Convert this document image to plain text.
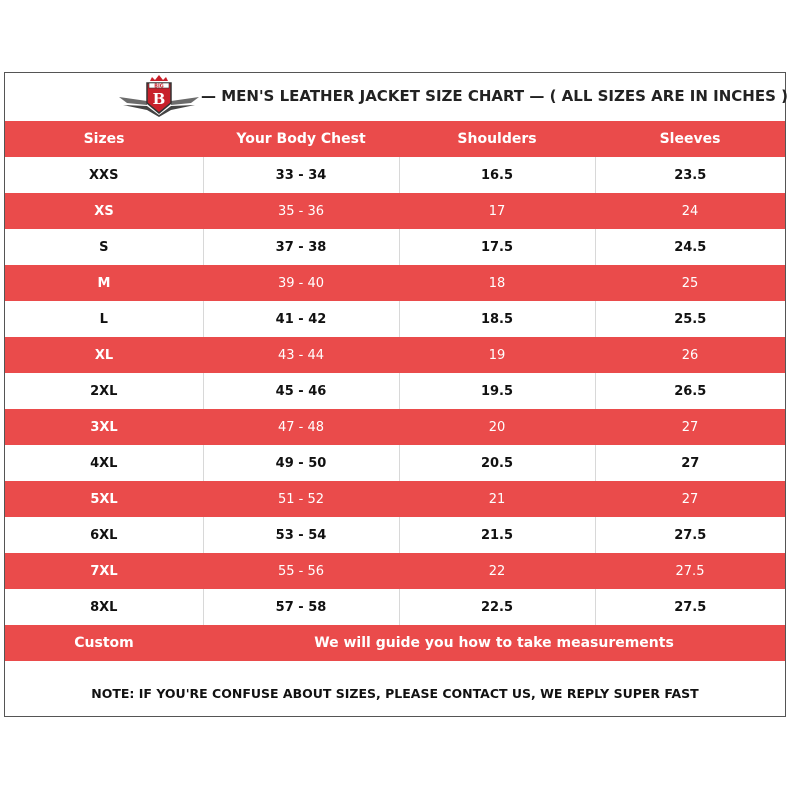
BIG
B — MEN'S LEATHER JACKET SIZE CHART — ( ALL SIZES ARE IN INCHES )
Sizes	Your Body Chest	Shoulders	Sleeves
XXS	33 - 34	16.5	23.5
XS	35 - 36	17	24
S	37 - 38	17.5	24.5
M	39 - 40	18	25
L	41 - 42	18.5	25.5
XL	43 - 44	19	26
2XL	45 - 46	19.5	26.5
3XL	47 - 48	20	27
4XL	49 - 50	20.5	27
5XL	51 - 52	21	27
6XL	53 - 54	21.5	27.5
7XL	55 - 56	22	27.5
8XL	57 - 58	22.5	27.5
Custom	We will guide you how to take measurements		
NOTE: IF YOU'RE CONFUSE ABOUT SIZES, PLEASE CONTACT US, WE REPLY SUPER FAST
